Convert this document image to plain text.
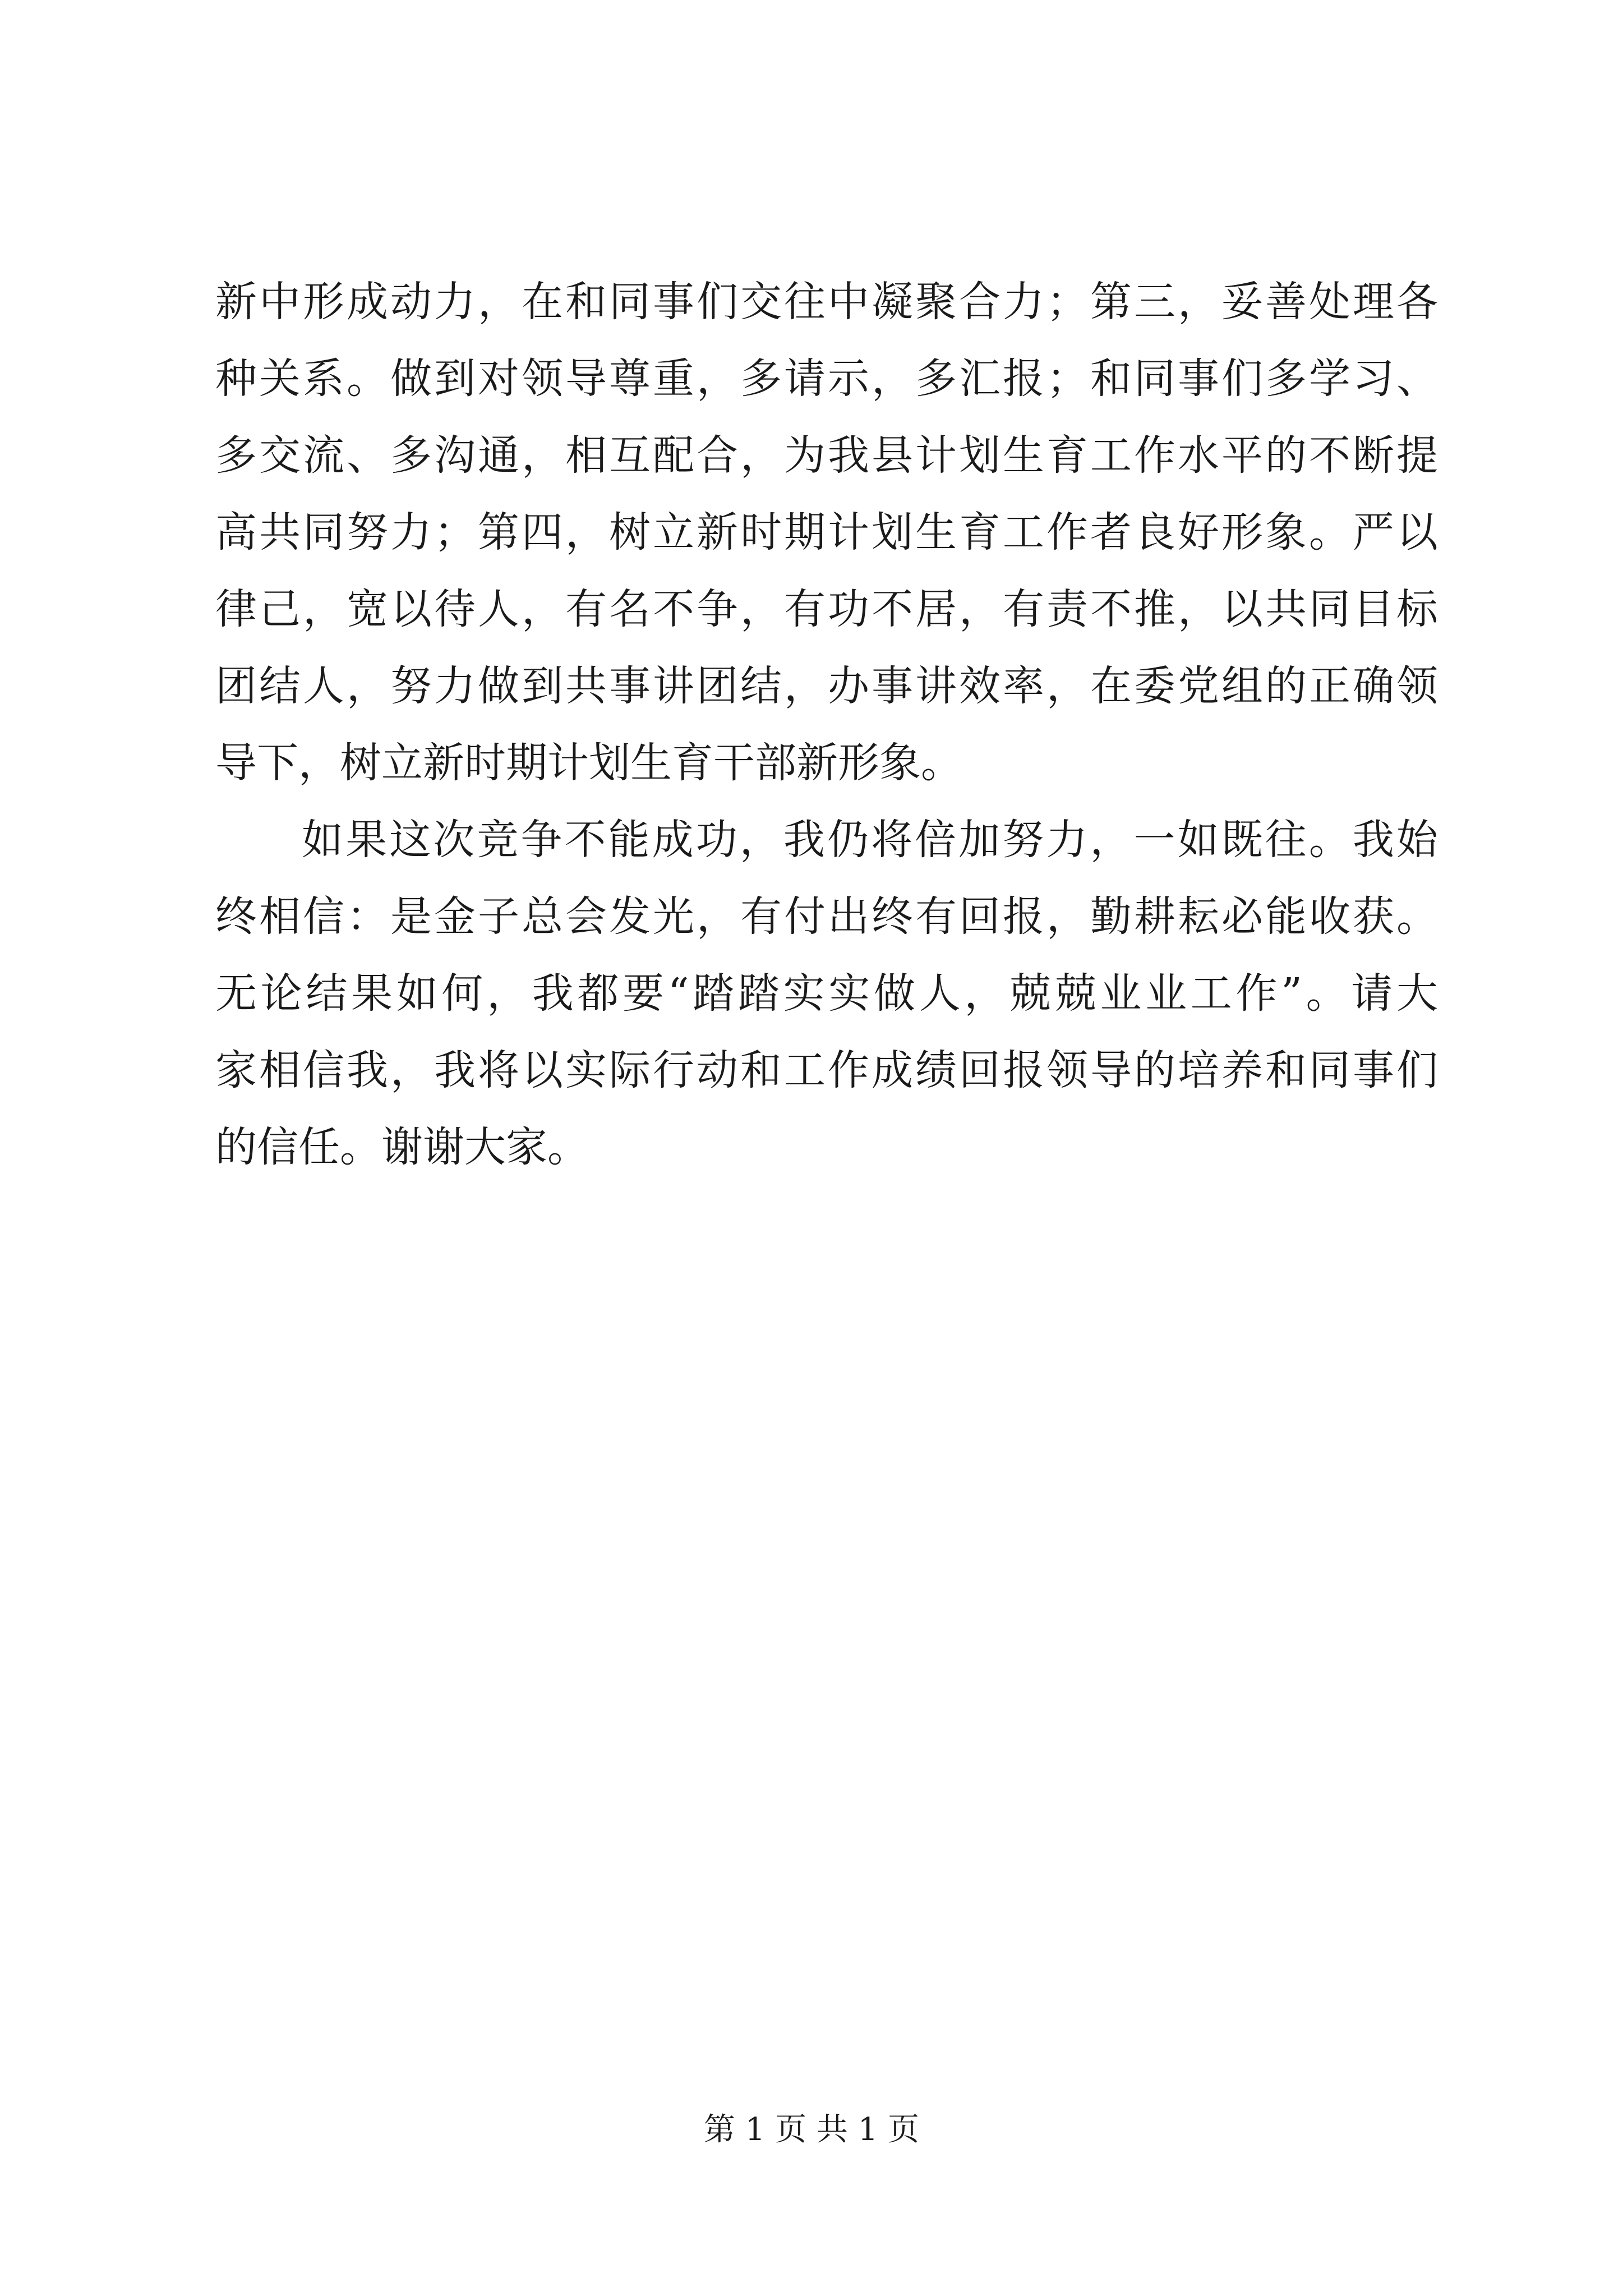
新中形成动力，在和同事们交往中凝聚合力；第三，妥善处理各
种关系。做到对领导尊重，多请示，多汇报；和同事们多学习、
多交流、多沟通，相互配合，为我县计划生育工作水平的不断提
高共同努力；第四，树立新时期计划生育工作者良好形象。严以
律己，宽以待人，有名不争，有功不居，有责不推，以共同目标
团结人，努力做到共事讲团结，办事讲效率，在委党组的正确领
导下，树立新时期计划生育干部新形象。
如果这次竞争不能成功，我仍将倍加努力，一如既往。我始
终相信：是金子总会发光，有付出终有回报，勤耕耘必能收获。
无论结果如何，我都要“踏踏实实做人，兢兢业业工作”。请大
家相信我，我将以实际行动和工作成绩回报领导的培养和同事们
的信任。谢谢大家。
第 1 页 共 1 页
